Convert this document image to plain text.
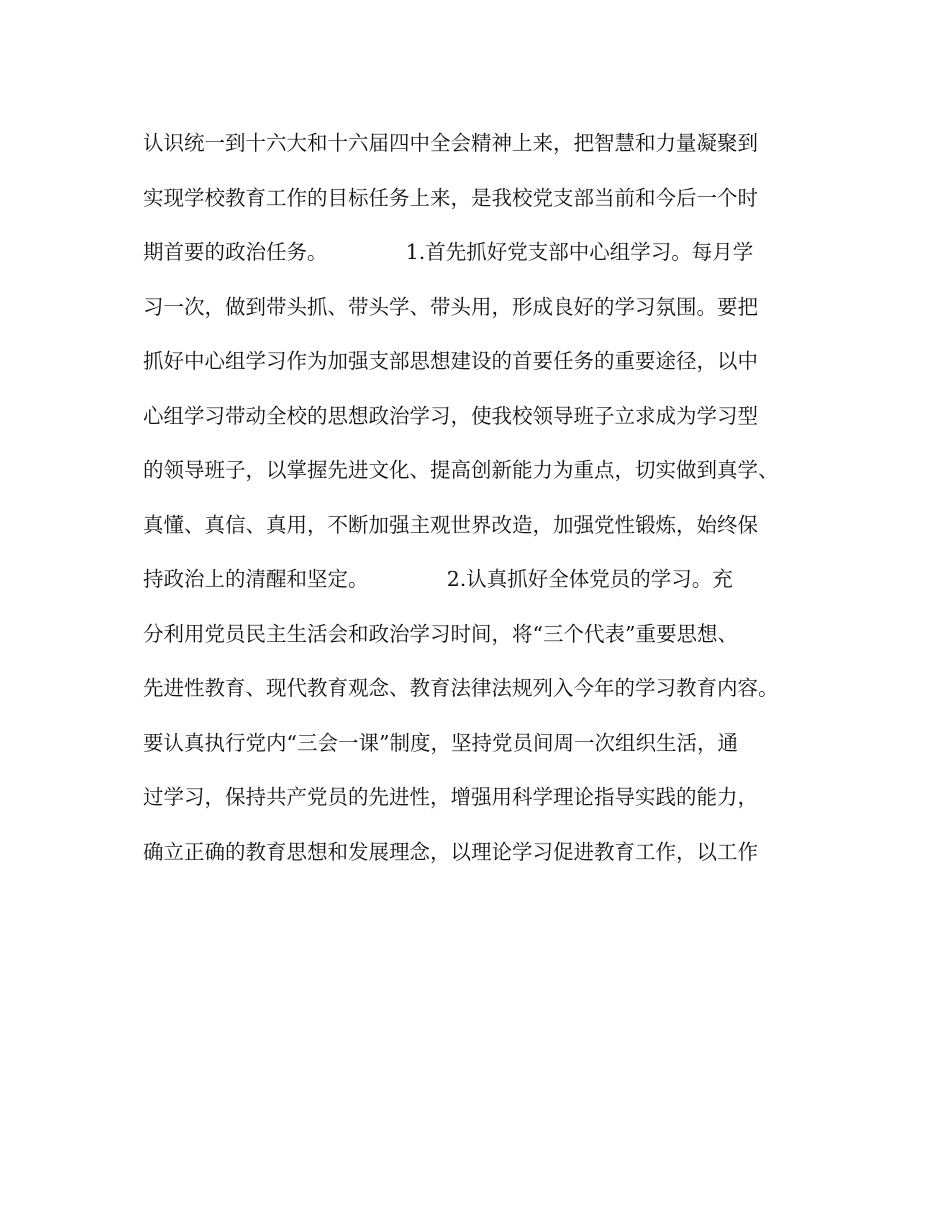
认识统一到十六大和十六届四中全会精神上来，把智慧和力量凝聚到
实现学校教育工作的目标任务上来，是我校党支部当前和今后一个时
期首要的政治任务。            1.首先抓好党支部中心组学习。每月学
习一次，做到带头抓、带头学、带头用，形成良好的学习氛围。要把
抓好中心组学习作为加强支部思想建设的首要任务的重要途径，以中
心组学习带动全校的思想政治学习，使我校领导班子立求成为学习型
的领导班子，以掌握先进文化、提高创新能力为重点，切实做到真学、
真懂、真信、真用，不断加强主观世界改造，加强党性锻炼，始终保
持政治上的清醒和坚定。            2.认真抓好全体党员的学习。充
分利用党员民主生活会和政治学习时间，将“三个代表”重要思想、
先进性教育、现代教育观念、教育法律法规列入今年的学习教育内容。
要认真执行党内“三会一课”制度，坚持党员间周一次组织生活，通
过学习，保持共产党员的先进性，增强用科学理论指导实践的能力，
确立正确的教育思想和发展理念，以理论学习促进教育工作，以工作
